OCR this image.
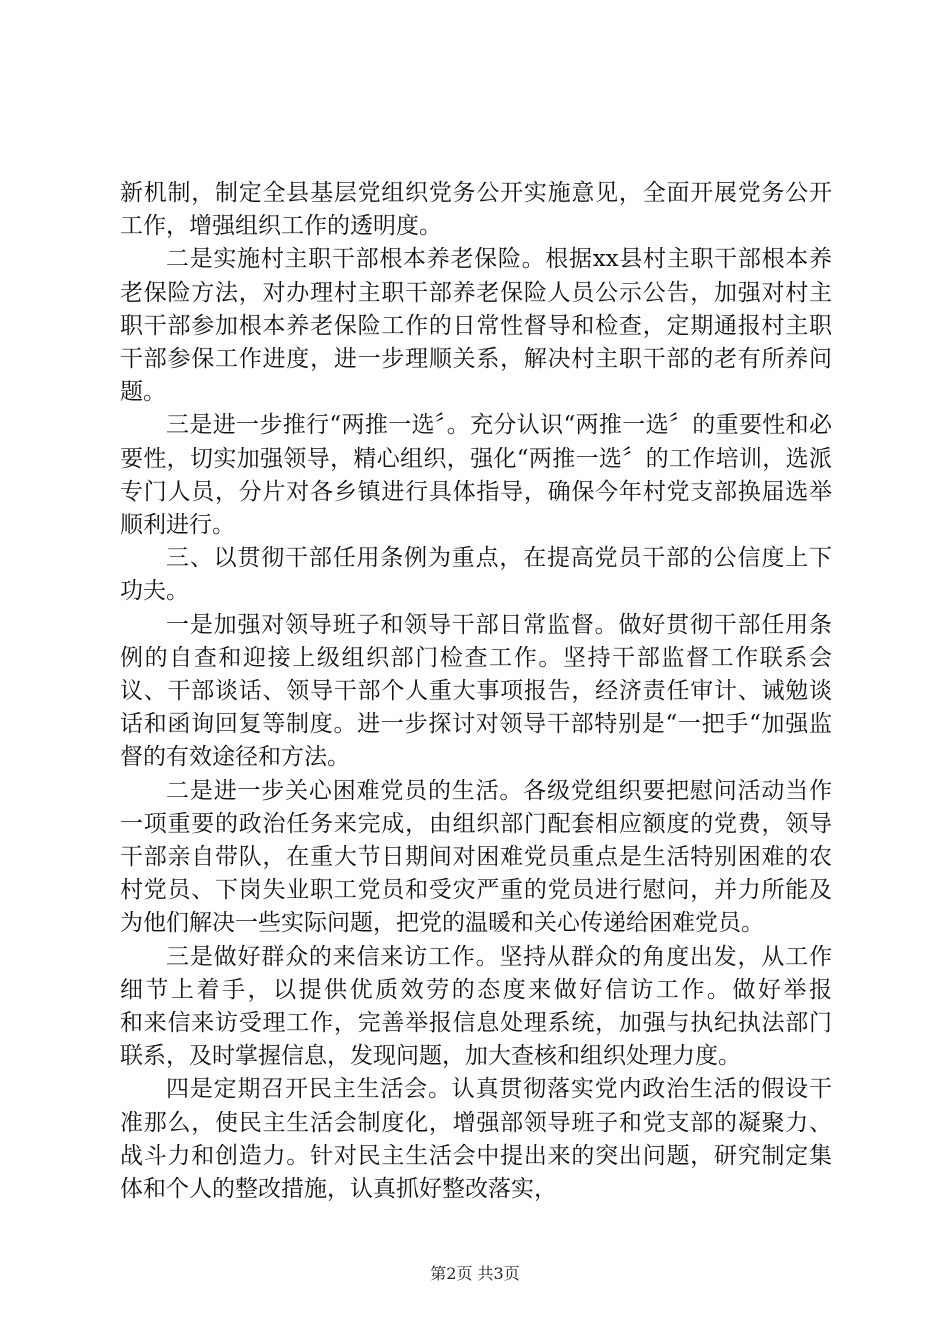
新机制，制定全县基层党组织党务公开实施意见，全面开展党务公开工作，增强组织工作的透明度。

二是实施村主职干部根本养老保险。根据xx县村主职干部根本养老保险方法，对办理村主职干部养老保险人员公示公告，加强对村主职干部参加根本养老保险工作的日常性督导和检查，定期通报村主职干部参保工作进度，进一步理顺关系，解决村主职干部的老有所养问题。

三是进一步推行“两推一选〞。充分认识“两推一选〞的重要性和必要性，切实加强领导，精心组织，强化“两推一选〞的工作培训，选派专门人员，分片对各乡镇进行具体指导，确保今年村党支部换届选举顺利进行。

三、以贯彻干部任用条例为重点，在提高党员干部的公信度上下功夫。

一是加强对领导班子和领导干部日常监督。做好贯彻干部任用条例的自查和迎接上级组织部门检查工作。坚持干部监督工作联系会议、干部谈话、领导干部个人重大事项报告，经济责任审计、诫勉谈话和函询回复等制度。进一步探讨对领导干部特别是“一把手“加强监督的有效途径和方法。

二是进一步关心困难党员的生活。各级党组织要把慰问活动当作一项重要的政治任务来完成，由组织部门配套相应额度的党费，领导干部亲自带队，在重大节日期间对困难党员重点是生活特别困难的农村党员、下岗失业职工党员和受灾严重的党员进行慰问，并力所能及为他们解决一些实际问题，把党的温暖和关心传递给困难党员。

三是做好群众的来信来访工作。坚持从群众的角度出发，从工作细节上着手，以提供优质效劳的态度来做好信访工作。做好举报　　和来信来访受理工作，完善举报信息处理系统，加强与执纪执法部门联系，及时掌握信息，发现问题，加大查核和组织处理力度。

四是定期召开民主生活会。认真贯彻落实党内政治生活的假设干准那么，使民主生活会制度化，增强部领导班子和党支部的凝聚力、战斗力和创造力。针对民主生活会中提出来的突出问题，研究制定集体和个人的整改措施，认真抓好整改落实，

第2页 共3页
